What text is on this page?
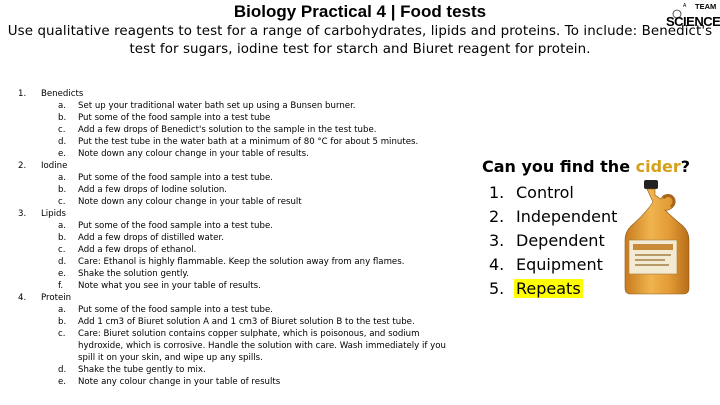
Biology Practical 4 | Food tests	TEAM
A
SCIENCE
Use qualitative reagents to test for a range of carbohydrates, lipids and proteins. To include: Benedict's test for sugars, iodine test for starch and Biuret reagent for protein.
1.	Benedicts
a. Set up your traditional water bath set up using a Bunsen burner.
b. Put some of the food sample into a test tube
c. Add a few drops of Benedict's solution to the sample in the test tube.
d. Put the test tube in the water bath at a minimum of 80 °C for about 5 minutes.
e. Note down any colour change in your table of results.
2.	Iodine
a. Put some of the food sample into a test tube.
b. Add a few drops of Iodine solution.
c. Note down any colour change in your table of result
3.	Lipids
a. Put some of the food sample into a test tube.
b. Add a few drops of distilled water.
c. Add a few drops of ethanol.
d. Care: Ethanol is highly flammable. Keep the solution away from any flames.
e. Shake the solution gently.
f. Note what you see in your table of results.
4.	Protein
a. Put some of the food sample into a test tube.
b. Add 1 cm3 of Biuret solution A and 1 cm3 of Biuret solution B to the test tube.
c. Care: Biuret solution contains copper sulphate, which is poisonous, and sodium hydroxide, which is corrosive. Handle the solution with care. Wash immediately if you spill it on your skin, and wipe up any spills.
d. Shake the tube gently to mix.
e. Note any colour change in your table of results
Can you find the cider?
1. Control
2. Independent
3. Dependent
4. Equipment
5. Repeats
